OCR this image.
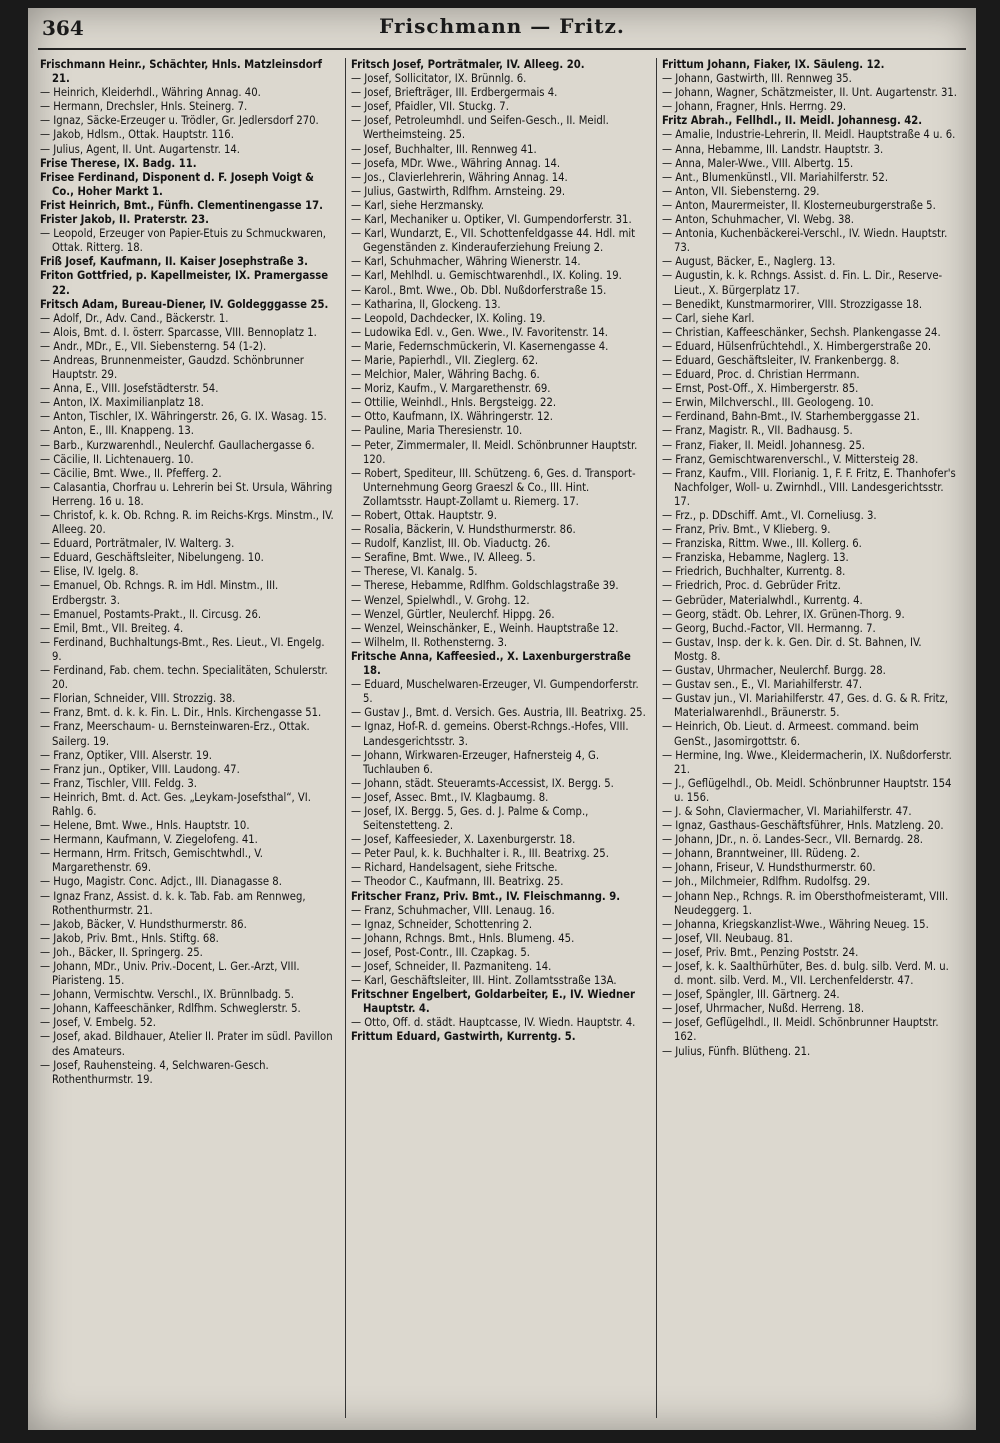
364	Frischmann — Fritz.

Frischmann Heinr., Schächter, Hnls. Matzleinsdorf 21.

— Heinrich, Kleiderhdl., Währing Annag. 40.

— Hermann, Drechsler, Hnls. Steinerg. 7.

— Ignaz, Säcke-Erzeuger u. Trödler, Gr. Jedlersdorf 270.

— Jakob, Hdlsm., Ottak. Hauptstr. 116.

— Julius, Agent, II. Unt. Augartenstr. 14.

Frise Therese, IX. Badg. 11.

Frisee Ferdinand, Disponent d. F. Joseph Voigt & Co., Hoher Markt 1.

Frist Heinrich, Bmt., Fünfh. Clementinengasse 17.

Frister Jakob, II. Praterstr. 23.

— Leopold, Erzeuger von Papier-Etuis zu Schmuckwaren, Ottak. Ritterg. 18.

Friß Josef, Kaufmann, II. Kaiser Josephstraße 3.

Friton Gottfried, p. Kapellmeister, IX. Pramergasse 22.

Fritsch Adam, Bureau-Diener, IV. Goldegggasse 25.

— Adolf, Dr., Adv. Cand., Bäckerstr. 1.

— Alois, Bmt. d. I. österr. Sparcasse, VIII. Bennoplatz 1.

— Andr., MDr., E., VII. Siebensterng. 54 (1-2).

— Andreas, Brunnenmeister, Gaudzd. Schönbrunner Hauptstr. 29.

— Anna, E., VIII. Josefstädterstr. 54.

— Anton, IX. Maximilianplatz 18.

— Anton, Tischler, IX. Währingerstr. 26, G. IX. Wasag. 15.

— Anton, E., III. Knappeng. 13.

— Barb., Kurzwarenhdl., Neulerchf. Gaullachergasse 6.

— Cäcilie, II. Lichtenauerg. 10.

— Cäcilie, Bmt. Wwe., II. Pfefferg. 2.

— Calasantia, Chorfrau u. Lehrerin bei St. Ursula, Währing Herreng. 16 u. 18.

— Christof, k. k. Ob. Rchng. R. im Reichs-Krgs. Minstm., IV. Alleeg. 20.

— Eduard, Porträtmaler, IV. Walterg. 3.

— Eduard, Geschäftsleiter, Nibelungeng. 10.

— Elise, IV. Igelg. 8.

— Emanuel, Ob. Rchngs. R. im Hdl. Minstm., III. Erdbergstr. 3.

— Emanuel, Postamts-Prakt., II. Circusg. 26.

— Emil, Bmt., VII. Breiteg. 4.

— Ferdinand, Buchhaltungs-Bmt., Res. Lieut., VI. Engelg. 9.

— Ferdinand, Fab. chem. techn. Specialitäten, Schulerstr. 20.

— Florian, Schneider, VIII. Strozzig. 38.

— Franz, Bmt. d. k. k. Fin. L. Dir., Hnls. Kirchengasse 51.

— Franz, Meerschaum- u. Bernsteinwaren-Erz., Ottak. Sailerg. 19.

— Franz, Optiker, VIII. Alserstr. 19.

— Franz jun., Optiker, VIII. Laudong. 47.

— Franz, Tischler, VIII. Feldg. 3.

— Heinrich, Bmt. d. Act. Ges. „Leykam-Josefsthal“, VI. Rahlg. 6.

— Helene, Bmt. Wwe., Hnls. Hauptstr. 10.

— Hermann, Kaufmann, V. Ziegelofeng. 41.

— Hermann, Hrm. Fritsch, Gemischtwhdl., V. Margarethenstr. 69.

— Hugo, Magistr. Conc. Adjct., III. Dianagasse 8.

— Ignaz Franz, Assist. d. k. k. Tab. Fab. am Rennweg, Rothenthurmstr. 21.

— Jakob, Bäcker, V. Hundsthurmerstr. 86.

— Jakob, Priv. Bmt., Hnls. Stiftg. 68.

— Joh., Bäcker, II. Springerg. 25.

— Johann, MDr., Univ. Priv.-Docent, L. Ger.-Arzt, VIII. Piaristeng. 15.

— Johann, Vermischtw. Verschl., IX. Brünnlbadg. 5.

— Johann, Kaffeeschänker, Rdlfhm. Schweglerstr. 5.

— Josef, V. Embelg. 52.

— Josef, akad. Bildhauer, Atelier II. Prater im südl. Pavillon des Amateurs.

— Josef, Rauhensteing. 4, Selchwaren-Gesch. Rothenthurmstr. 19.

Fritsch Josef, Porträtmaler, IV. Alleeg. 20.

— Josef, Sollicitator, IX. Brünnlg. 6.

— Josef, Briefträger, III. Erdbergermais 4.

— Josef, Pfaidler, VII. Stuckg. 7.

— Josef, Petroleumhdl. und Seifen-Gesch., II. Meidl. Wertheimsteing. 25.

— Josef, Buchhalter, III. Rennweg 41.

— Josefa, MDr. Wwe., Währing Annag. 14.

— Jos., Clavierlehrerin, Währing Annag. 14.

— Julius, Gastwirth, Rdlfhm. Arnsteing. 29.

— Karl, siehe Herzmansky.

— Karl, Mechaniker u. Optiker, VI. Gumpendorferstr. 31.

— Karl, Wundarzt, E., VII. Schottenfeldgasse 44. Hdl. mit Gegenständen z. Kinderauferziehung Freiung 2.

— Karl, Schuhmacher, Währing Wienerstr. 14.

— Karl, Mehlhdl. u. Gemischtwarenhdl., IX. Koling. 19.

— Karol., Bmt. Wwe., Ob. Dbl. Nußdorferstraße 15.

— Katharina, II, Glockeng. 13.

— Leopold, Dachdecker, IX. Koling. 19.

— Ludowika Edl. v., Gen. Wwe., IV. Favoritenstr. 14.

— Marie, Federnschmückerin, VI. Kasernengasse 4.

— Marie, Papierhdl., VII. Zieglerg. 62.

— Melchior, Maler, Währing Bachg. 6.

— Moriz, Kaufm., V. Margarethenstr. 69.

— Ottilie, Weinhdl., Hnls. Bergsteigg. 22.

— Otto, Kaufmann, IX. Währingerstr. 12.

— Pauline, Maria Theresienstr. 10.

— Peter, Zimmermaler, II. Meidl. Schönbrunner Hauptstr. 120.

— Robert, Spediteur, III. Schützeng. 6, Ges. d. Transport-Unternehmung Georg Graeszl & Co., III. Hint. Zollamtsstr. Haupt-Zollamt u. Riemerg. 17.

— Robert, Ottak. Hauptstr. 9.

— Rosalia, Bäckerin, V. Hundsthurmerstr. 86.

— Rudolf, Kanzlist, III. Ob. Viaductg. 26.

— Serafine, Bmt. Wwe., IV. Alleeg. 5.

— Therese, VI. Kanalg. 5.

— Therese, Hebamme, Rdlfhm. Goldschlagstraße 39.

— Wenzel, Spielwhdl., V. Grohg. 12.

— Wenzel, Gürtler, Neulerchf. Hippg. 26.

— Wenzel, Weinschänker, E., Weinh. Hauptstraße 12.

— Wilhelm, II. Rothensterng. 3.

Fritsche Anna, Kaffeesied., X. Laxenburgerstraße 18.

— Eduard, Muschelwaren-Erzeuger, VI. Gumpendorferstr. 5.

— Gustav J., Bmt. d. Versich. Ges. Austria, III. Beatrixg. 25.

— Ignaz, Hof-R. d. gemeins. Oberst-Rchngs.-Hofes, VIII. Landesgerichtsstr. 3.

— Johann, Wirkwaren-Erzeuger, Hafnersteig 4, G. Tuchlauben 6.

— Johann, städt. Steueramts-Accessist, IX. Bergg. 5.

— Josef, Assec. Bmt., IV. Klagbaumg. 8.

— Josef, IX. Bergg. 5, Ges. d. J. Palme & Comp., Seitenstetteng. 2.

— Josef, Kaffeesieder, X. Laxenburgerstr. 18.

— Peter Paul, k. k. Buchhalter i. R., III. Beatrixg. 25.

— Richard, Handelsagent, siehe Fritsche.

— Theodor C., Kaufmann, III. Beatrixg. 25.

Fritscher Franz, Priv. Bmt., IV. Fleischmanng. 9.

— Franz, Schuhmacher, VIII. Lenaug. 16.

— Ignaz, Schneider, Schottenring 2.

— Johann, Rchngs. Bmt., Hnls. Blumeng. 45.

— Josef, Post-Contr., III. Czapkag. 5.

— Josef, Schneider, II. Pazmaniteng. 14.

— Karl, Geschäftsleiter, III. Hint. Zollamtsstraße 13A.

Fritschner Engelbert, Goldarbeiter, E., IV. Wiedner Hauptstr. 4.

— Otto, Off. d. städt. Hauptcasse, IV. Wiedn. Hauptstr. 4.

Frittum Eduard, Gastwirth, Kurrentg. 5.

Frittum Johann, Fiaker, IX. Säuleng. 12.

— Johann, Gastwirth, III. Rennweg 35.

— Johann, Wagner, Schätzmeister, II. Unt. Augartenstr. 31.

— Johann, Fragner, Hnls. Herrng. 29.

Fritz Abrah., Fellhdl., II. Meidl. Johannesg. 42.

— Amalie, Industrie-Lehrerin, II. Meidl. Hauptstraße 4 u. 6.

— Anna, Hebamme, III. Landstr. Hauptstr. 3.

— Anna, Maler-Wwe., VIII. Albertg. 15.

— Ant., Blumenkünstl., VII. Mariahilferstr. 52.

— Anton, VII. Siebensterng. 29.

— Anton, Maurermeister, II. Klosterneuburgerstraße 5.

— Anton, Schuhmacher, VI. Webg. 38.

— Antonia, Kuchenbäckerei-Verschl., IV. Wiedn. Hauptstr. 73.

— August, Bäcker, E., Naglerg. 13.

— Augustin, k. k. Rchngs. Assist. d. Fin. L. Dir., Reserve-Lieut., X. Bürgerplatz 17.

— Benedikt, Kunstmarmorirer, VIII. Strozzigasse 18.

— Carl, siehe Karl.

— Christian, Kaffeeschänker, Sechsh. Plankengasse 24.

— Eduard, Hülsenfrüchtehdl., X. Himbergerstraße 20.

— Eduard, Geschäftsleiter, IV. Frankenbergg. 8.

— Eduard, Proc. d. Christian Herrmann.

— Ernst, Post-Off., X. Himbergerstr. 85.

— Erwin, Milchverschl., III. Geologeng. 10.

— Ferdinand, Bahn-Bmt., IV. Starhemberggasse 21.

— Franz, Magistr. R., VII. Badhausg. 5.

— Franz, Fiaker, II. Meidl. Johannesg. 25.

— Franz, Gemischtwarenverschl., V. Mittersteig 28.

— Franz, Kaufm., VIII. Florianig. 1, F. F. Fritz, E. Thanhofer's Nachfolger, Woll- u. Zwirnhdl., VIII. Landesgerichtsstr. 17.

— Frz., p. DDschiff. Amt., VI. Corneliusg. 3.

— Franz, Priv. Bmt., V Klieberg. 9.

— Franziska, Rittm. Wwe., III. Kollerg. 6.

— Franziska, Hebamme, Naglerg. 13.

— Friedrich, Buchhalter, Kurrentg. 8.

— Friedrich, Proc. d. Gebrüder Fritz.

— Gebrüder, Materialwhdl., Kurrentg. 4.

— Georg, städt. Ob. Lehrer, IX. Grünen-Thorg. 9.

— Georg, Buchd.-Factor, VII. Hermanng. 7.

— Gustav, Insp. der k. k. Gen. Dir. d. St. Bahnen, IV. Mostg. 8.

— Gustav, Uhrmacher, Neulerchf. Burgg. 28.

— Gustav sen., E., VI. Mariahilferstr. 47.

— Gustav jun., VI. Mariahilferstr. 47, Ges. d. G. & R. Fritz, Materialwarenhdl., Bräunerstr. 5.

— Heinrich, Ob. Lieut. d. Armeest. command. beim GenSt., Jasomirgottstr. 6.

— Hermine, Ing. Wwe., Kleidermacherin, IX. Nußdorferstr. 21.

— J., Geflügelhdl., Ob. Meidl. Schönbrunner Hauptstr. 154 u. 156.

— J. & Sohn, Claviermacher, VI. Mariahilferstr. 47.

— Ignaz, Gasthaus-Geschäftsführer, Hnls. Matzleng. 20.

— Johann, JDr., n. ö. Landes-Secr., VII. Bernardg. 28.

— Johann, Branntweiner, III. Rüdeng. 2.

— Johann, Friseur, V. Hundsthurmerstr. 60.

— Joh., Milchmeier, Rdlfhm. Rudolfsg. 29.

— Johann Nep., Rchngs. R. im Obersthofmeisteramt, VIII. Neudeggerg. 1.

— Johanna, Kriegskanzlist-Wwe., Währing Neueg. 15.

— Josef, VII. Neubaug. 81.

— Josef, Priv. Bmt., Penzing Poststr. 24.

— Josef, k. k. Saalthürhüter, Bes. d. bulg. silb. Verd. M. u. d. mont. silb. Verd. M., VII. Lerchenfelderstr. 47.

— Josef, Spängler, III. Gärtnerg. 24.

— Josef, Uhrmacher, Nußd. Herreng. 18.

— Josef, Geflügelhdl., II. Meidl. Schönbrunner Hauptstr. 162.

— Julius, Fünfh. Blütheng. 21.
